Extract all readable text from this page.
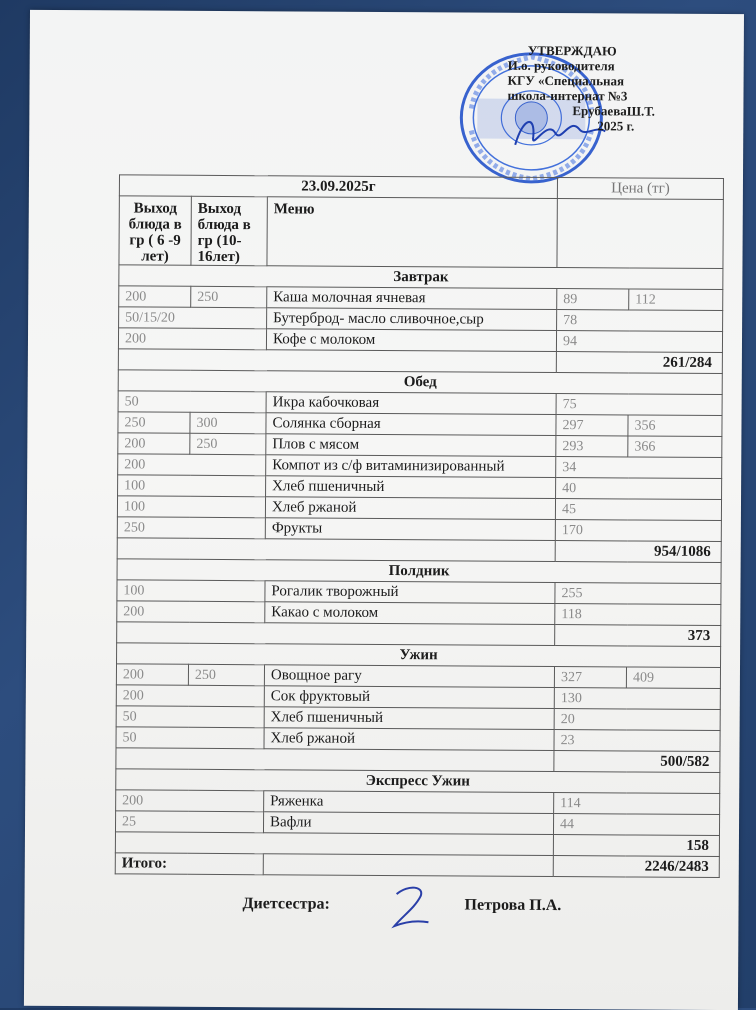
УТВЕРЖДАЮ
И.о. руководителя
КГУ «Специальная
школа-интернат №3
ЕрубаеваШ.Т.
2025 г.
23.09.2025г			Цена (тг)	
Выход блюда в гр ( 6 -9 лет)	Выход блюда в гр (10-16лет)	Меню		
Завтрак				
200	250	Каша молочная ячневая	89	112
50/15/20		Бутерброд- масло сливочное,сыр	78	
200		Кофе с молоком	94	
			261/284	
Обед				
50		Икра кабочковая	75	
250	300	Солянка сборная	297	356
200	250	Плов с мясом	293	366
200		Компот из с/ф витаминизированный	34	
100		Хлеб пшеничный	40	
100		Хлеб ржаной	45	
250		Фрукты	170	
			954/1086	
Полдник				
100		Рогалик творожный	255	
200		Какао с молоком	118	
			373	
Ужин				
200	250	Овощное рагу	327	409
200		Сок фруктовый	130	
50		Хлеб пшеничный	20	
50		Хлеб ржаной	23	
			500/582	
Экспресс Ужин				
200		Ряженка	114	
25		Вафли	44	
			158	
Итого:			2246/2483	
Диетсестра:	Петрова П.А.
